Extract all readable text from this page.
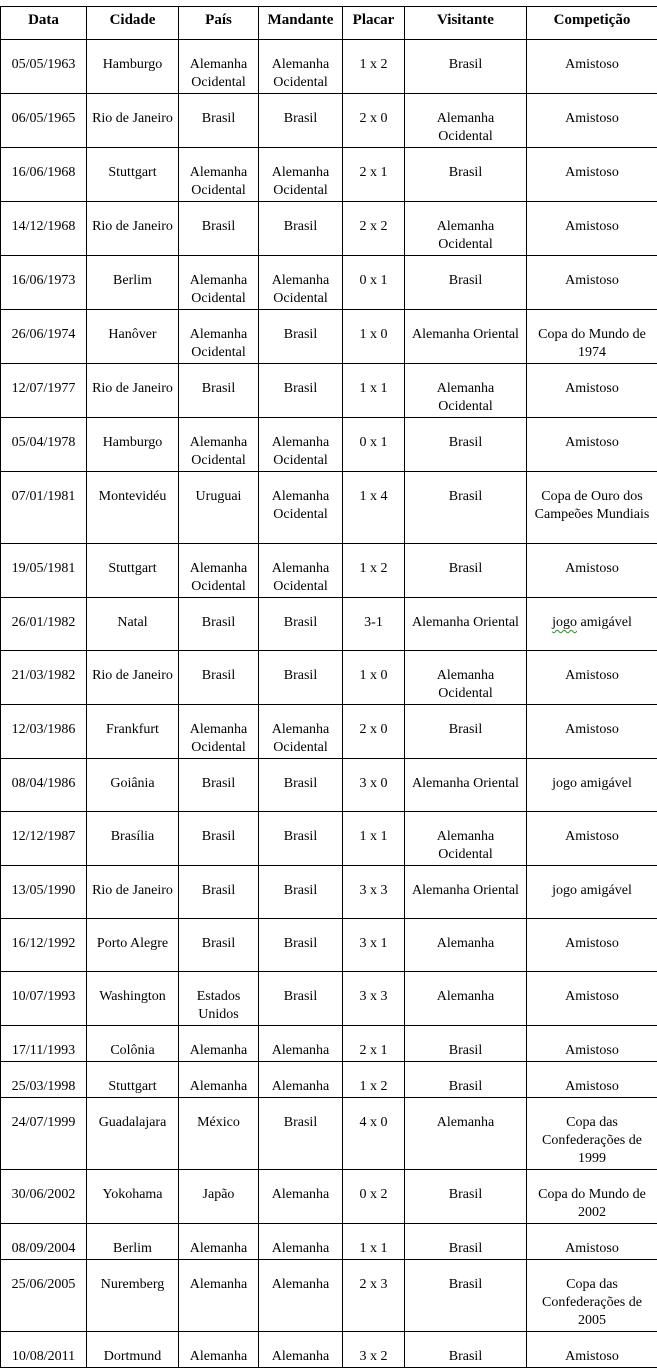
Data	Cidade	País	Mandante	Placar	Visitante	Competição
05/05/1963	Hamburgo	Alemanha Ocidental	Alemanha Ocidental	1 x 2	Brasil	Amistoso
06/05/1965	Rio de Janeiro	Brasil	Brasil	2 x 0	Alemanha Ocidental	Amistoso
16/06/1968	Stuttgart	Alemanha Ocidental	Alemanha Ocidental	2 x 1	Brasil	Amistoso
14/12/1968	Rio de Janeiro	Brasil	Brasil	2 x 2	Alemanha Ocidental	Amistoso
16/06/1973	Berlim	Alemanha Ocidental	Alemanha Ocidental	0 x 1	Brasil	Amistoso
26/06/1974	Hanôver	Alemanha Ocidental	Brasil	1 x 0	Alemanha Oriental	Copa do Mundo de 1974
12/07/1977	Rio de Janeiro	Brasil	Brasil	1 x 1	Alemanha Ocidental	Amistoso
05/04/1978	Hamburgo	Alemanha Ocidental	Alemanha Ocidental	0 x 1	Brasil	Amistoso
07/01/1981	Montevidéu	Uruguai	Alemanha Ocidental	1 x 4	Brasil	Copa de Ouro dos Campeões Mundiais
19/05/1981	Stuttgart	Alemanha Ocidental	Alemanha Ocidental	1 x 2	Brasil	Amistoso
26/01/1982	Natal	Brasil	Brasil	3-1	Alemanha Oriental	jogo amigável
21/03/1982	Rio de Janeiro	Brasil	Brasil	1 x 0	Alemanha Ocidental	Amistoso
12/03/1986	Frankfurt	Alemanha Ocidental	Alemanha Ocidental	2 x 0	Brasil	Amistoso
08/04/1986	Goiânia	Brasil	Brasil	3 x 0	Alemanha Oriental	jogo amigável
12/12/1987	Brasília	Brasil	Brasil	1 x 1	Alemanha Ocidental	Amistoso
13/05/1990	Rio de Janeiro	Brasil	Brasil	3 x 3	Alemanha Oriental	jogo amigável
16/12/1992	Porto Alegre	Brasil	Brasil	3 x 1	Alemanha	Amistoso
10/07/1993	Washington	Estados Unidos	Brasil	3 x 3	Alemanha	Amistoso
17/11/1993	Colônia	Alemanha	Alemanha	2 x 1	Brasil	Amistoso
25/03/1998	Stuttgart	Alemanha	Alemanha	1 x 2	Brasil	Amistoso
24/07/1999	Guadalajara	México	Brasil	4 x 0	Alemanha	Copa das Confederações de 1999
30/06/2002	Yokohama	Japão	Alemanha	0 x 2	Brasil	Copa do Mundo de 2002
08/09/2004	Berlim	Alemanha	Alemanha	1 x 1	Brasil	Amistoso
25/06/2005	Nuremberg	Alemanha	Alemanha	2 x 3	Brasil	Copa das Confederações de 2005
10/08/2011	Dortmund	Alemanha	Alemanha	3 x 2	Brasil	Amistoso
